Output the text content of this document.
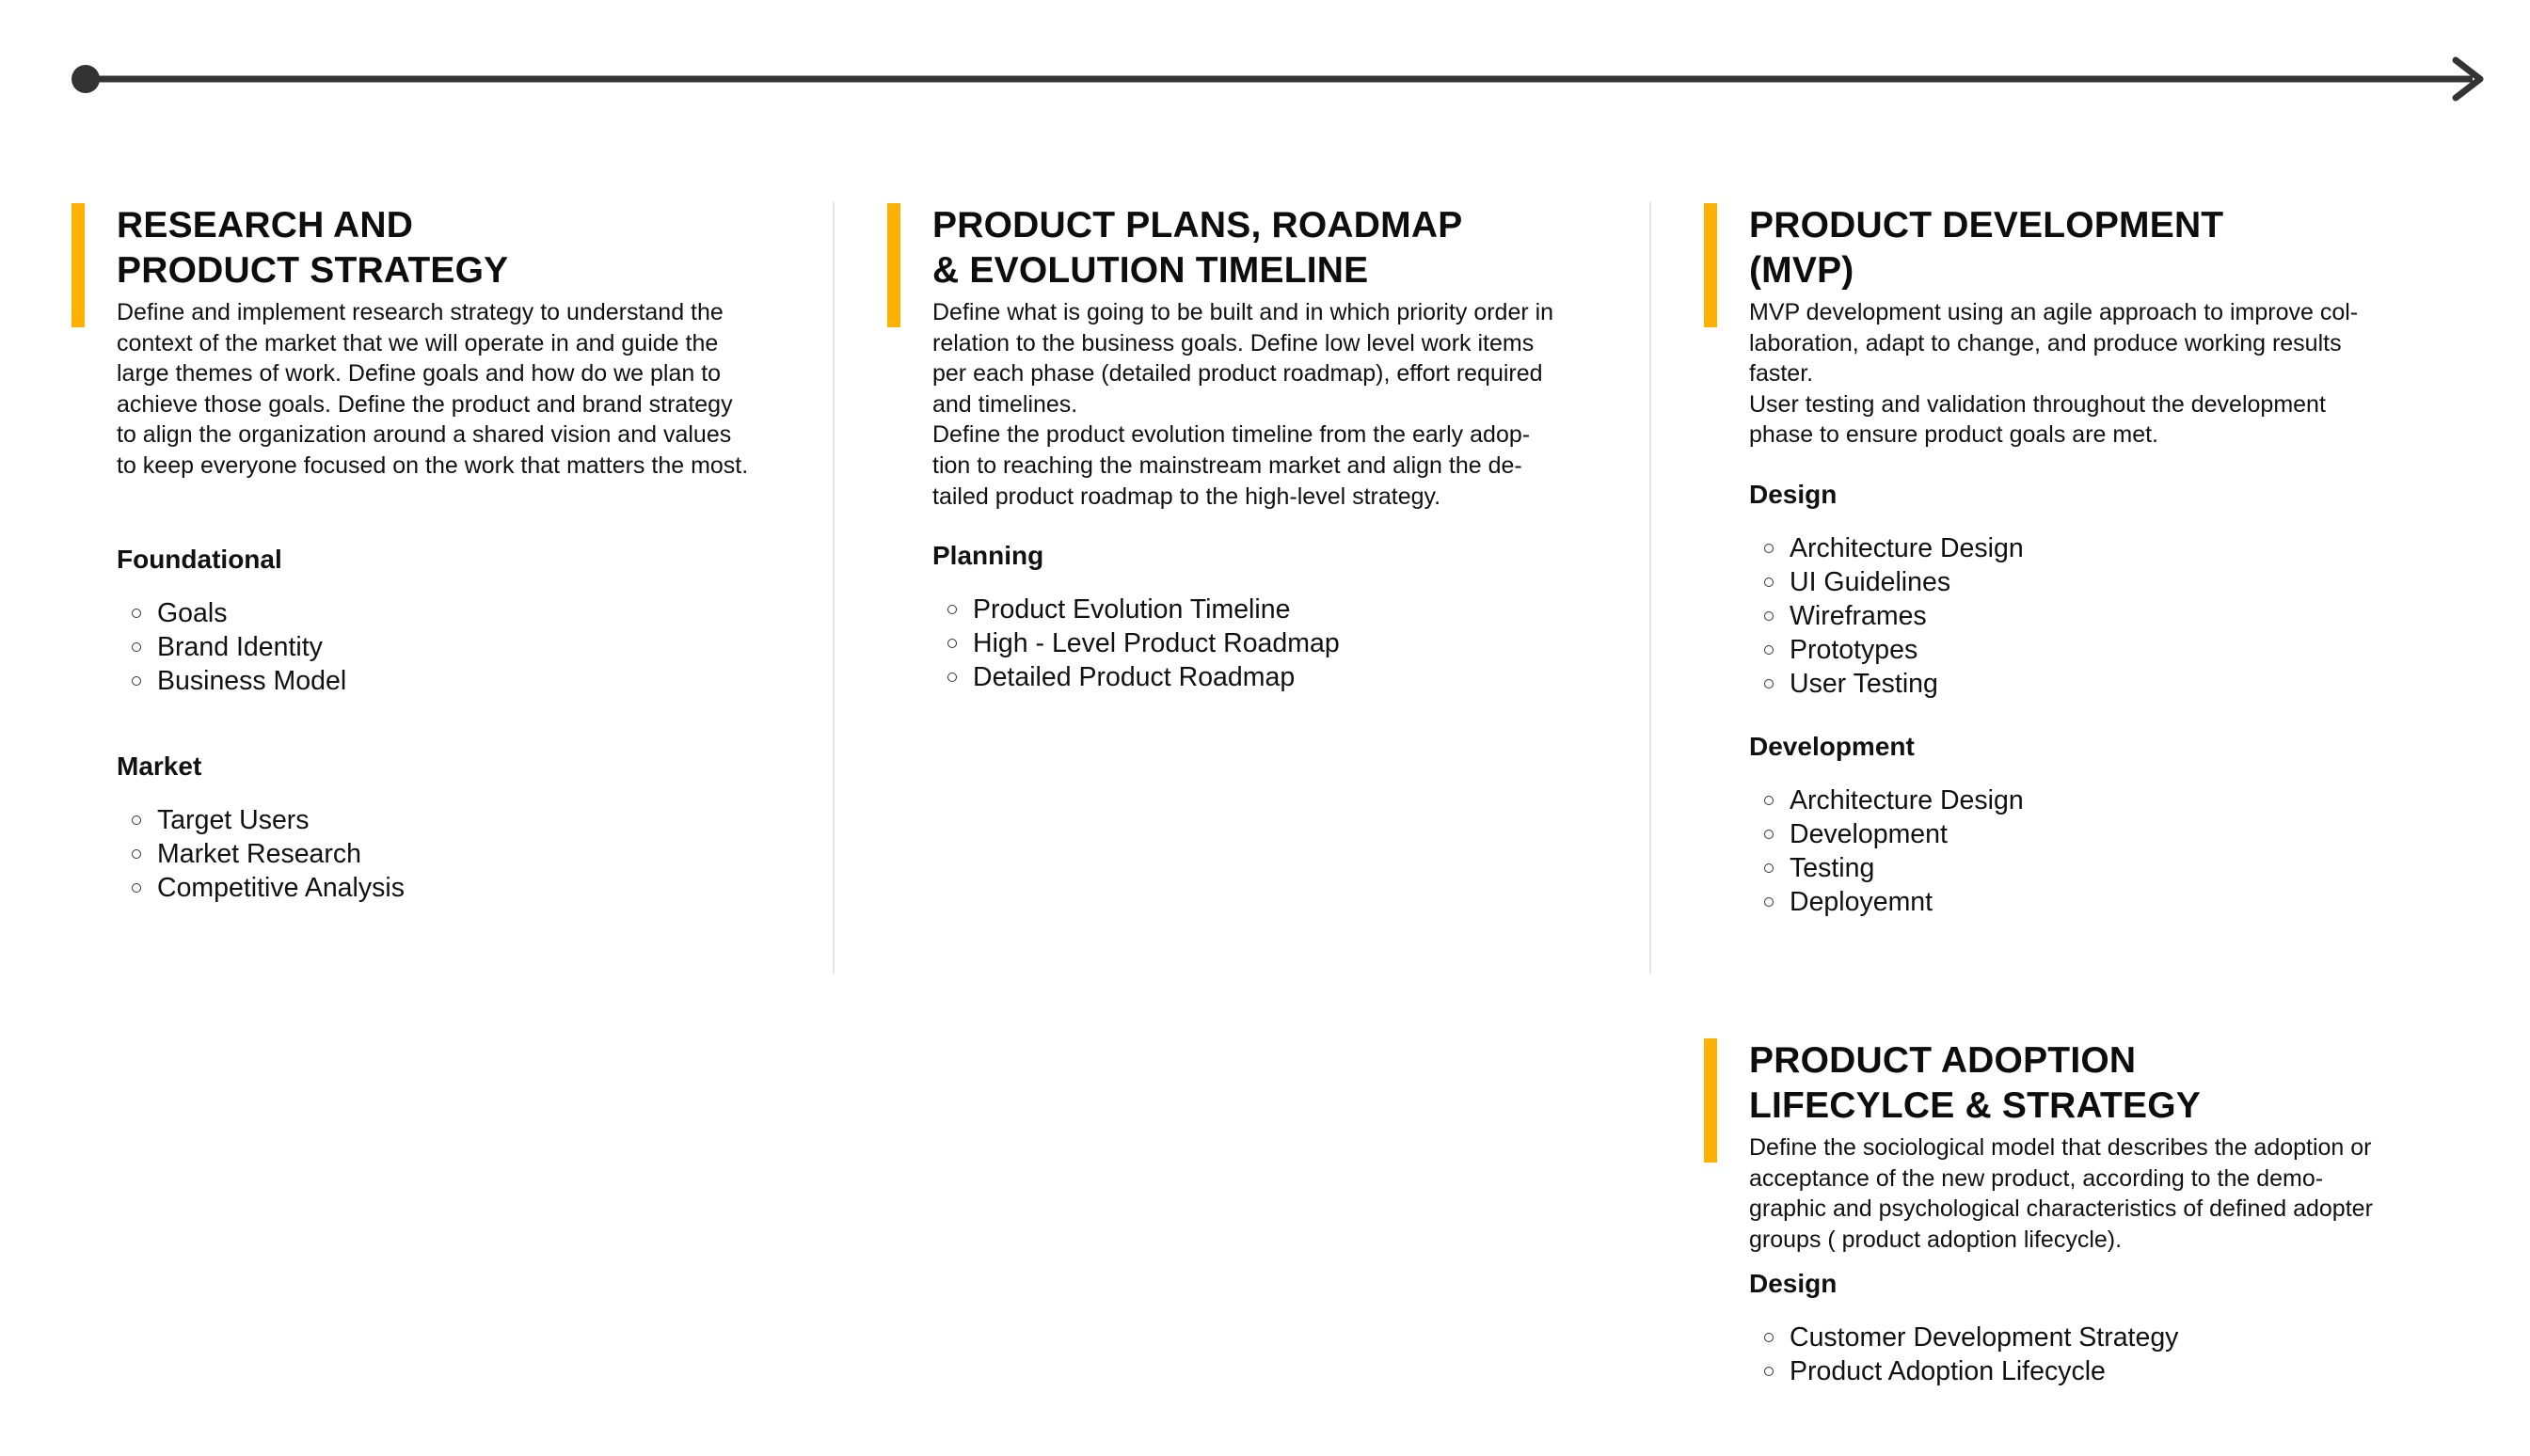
RESEARCH AND
PRODUCT STRATEGY
Define and implement research strategy to understand the
context of the market that we will operate in and guide the
large themes of work. Define goals and how do we plan to
achieve those goals. Define the product and brand strategy
to align the organization around a shared vision and values
to keep everyone focused on the work that matters the most.
Foundational
Goals
Brand Identity
Business Model
Market
Target Users
Market Research
Competitive Analysis
PRODUCT PLANS, ROADMAP
& EVOLUTION TIMELINE
Define what is going to be built and in which priority order in
relation to the business goals. Define low level work items
per each phase (detailed product roadmap), effort required
and timelines.
Define the product evolution timeline from the early adop-
tion to reaching the mainstream market and align the de-
tailed product roadmap to the high-level strategy.
Planning
Product Evolution Timeline
High - Level Product Roadmap
Detailed Product Roadmap
PRODUCT DEVELOPMENT
(MVP)
MVP development using an agile approach to improve col-
laboration, adapt to change, and produce working results
faster.
User testing and validation throughout the development
phase to ensure product goals are met.
Design
Architecture Design
UI Guidelines
Wireframes
Prototypes
User Testing
Development
Architecture Design
Development
Testing
Deployemnt
PRODUCT ADOPTION
LIFECYLCE & STRATEGY
Define the sociological model that describes the adoption or
acceptance of the new product, according to the demo-
graphic and psychological characteristics of defined adopter
groups ( product adoption lifecycle).
Design
Customer Development Strategy
Product Adoption Lifecycle
